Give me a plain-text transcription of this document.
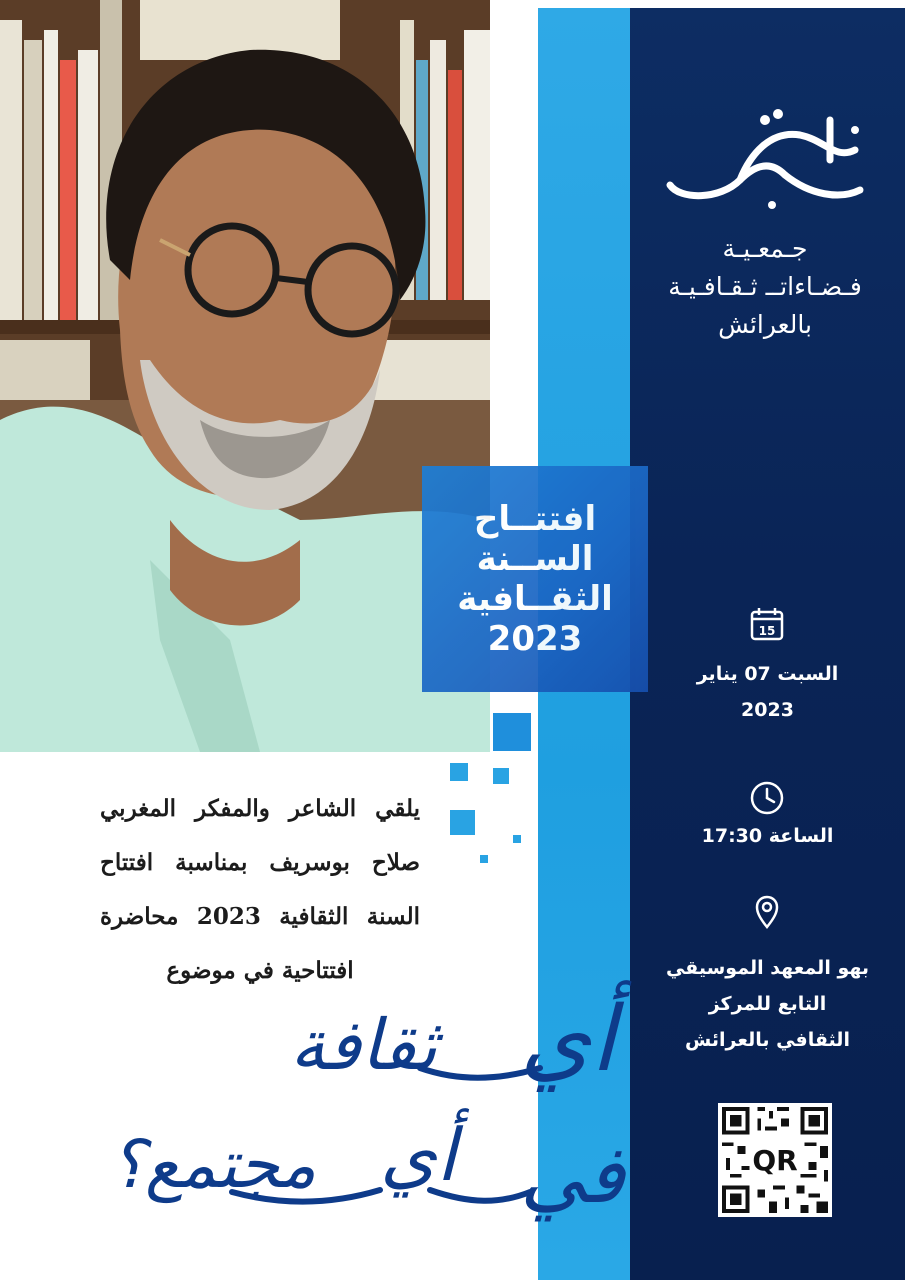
افتتــاح الســنة
الثقــافية
2023
يلقي الشاعر والمفكر المغربي صلاح بوسريف بمناسبة افتتاح السنة الثقافية 2023 محاضرة افتتاحية في موضوع
أي
ثقافة
في
أي
مجتمع؟
جـمعـيـة
فـضـاءاتــ ثـقـافـيـة
بالعرائش
15
السبت 07 يناير
2023
الساعة 17:30
بهو المعهد الموسيقي
التابع للمركز
الثقافي بالعرائش
QR
